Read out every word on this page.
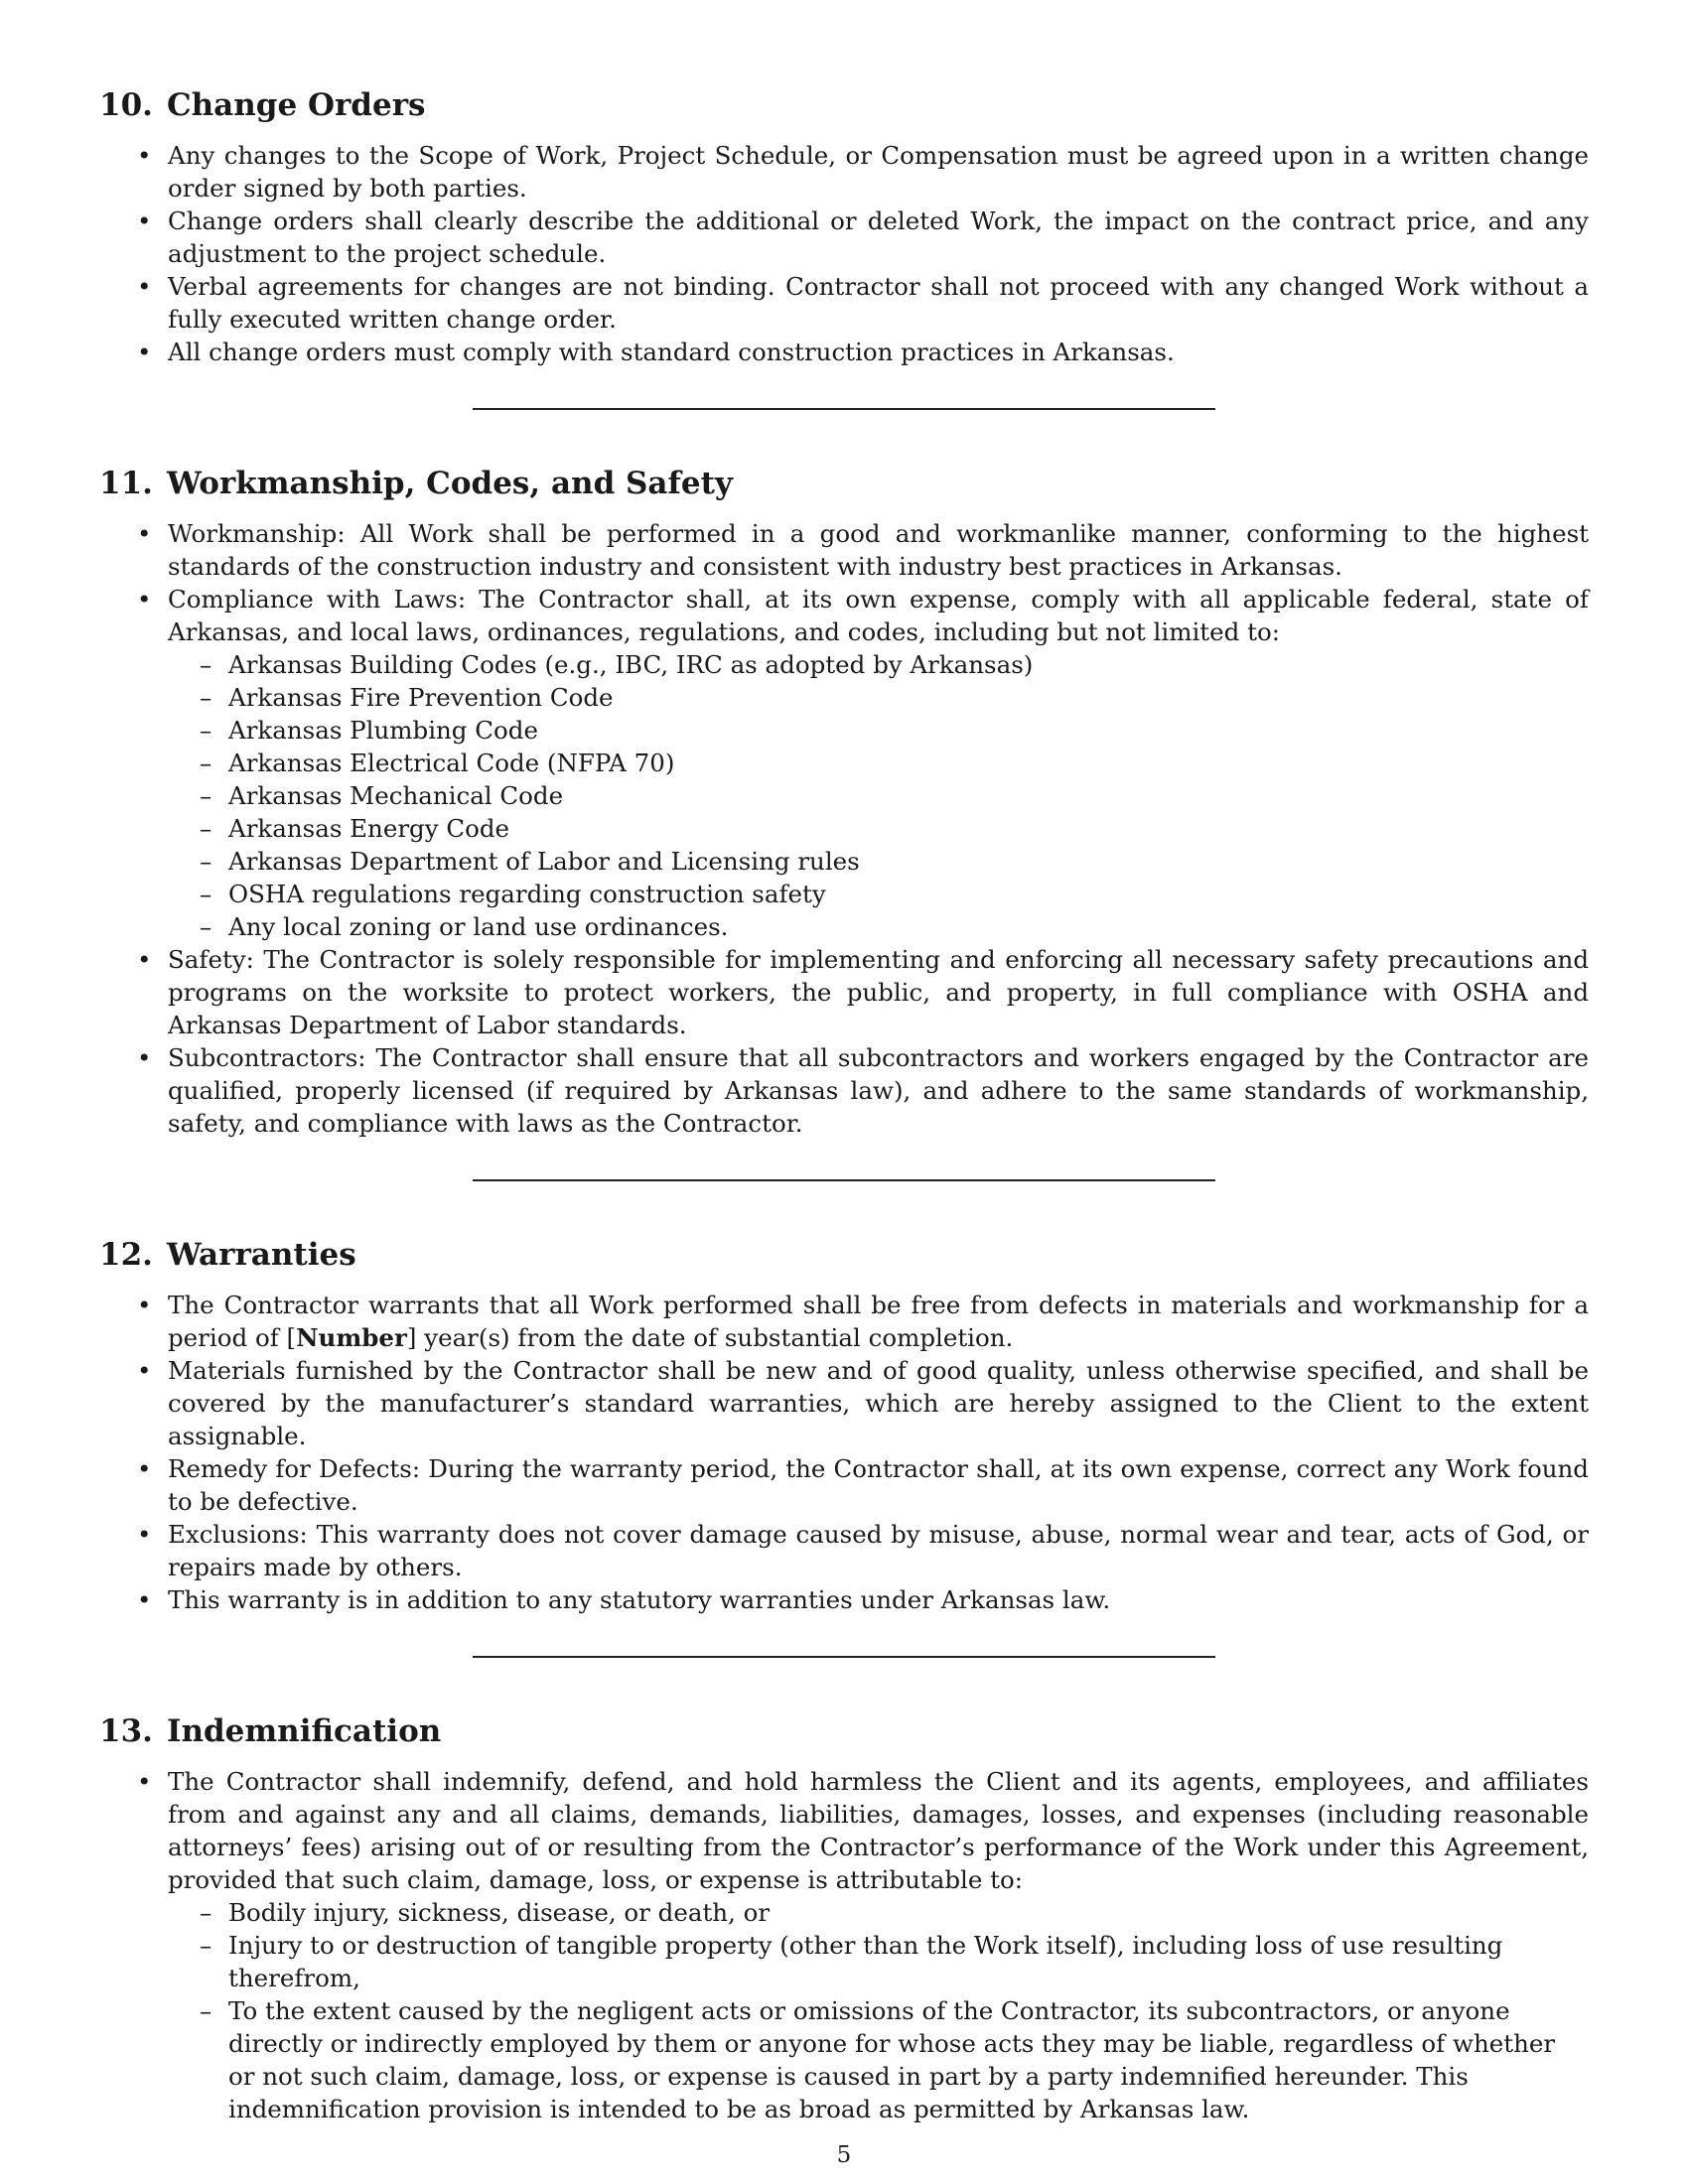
10. Change Orders
• Any changes to the Scope of Work, Project Schedule, or Compensation must be agreed upon in a written change order signed by both parties.
• Change orders shall clearly describe the additional or deleted Work, the impact on the contract price, and any adjustment to the project schedule.
• Verbal agreements for changes are not binding. Contractor shall not proceed with any changed Work without a fully executed written change order.
• All change orders must comply with standard construction practices in Arkansas.
11. Workmanship, Codes, and Safety
• Workmanship: All Work shall be performed in a good and workmanlike manner, conforming to the highest standards of the construction industry and consistent with industry best practices in Arkansas.
• Compliance with Laws: The Contractor shall, at its own expense, comply with all applicable federal, state of Arkansas, and local laws, ordinances, regulations, and codes, including but not limited to:
– Arkansas Building Codes (e.g., IBC, IRC as adopted by Arkansas)
– Arkansas Fire Prevention Code
– Arkansas Plumbing Code
– Arkansas Electrical Code (NFPA 70)
– Arkansas Mechanical Code
– Arkansas Energy Code
– Arkansas Department of Labor and Licensing rules
– OSHA regulations regarding construction safety
– Any local zoning or land use ordinances.
• Safety: The Contractor is solely responsible for implementing and enforcing all necessary safety precautions and programs on the worksite to protect workers, the public, and property, in full compliance with OSHA and Arkansas Department of Labor standards.
• Subcontractors: The Contractor shall ensure that all subcontractors and workers engaged by the Contractor are qualified, properly licensed (if required by Arkansas law), and adhere to the same standards of workmanship, safety, and compliance with laws as the Contractor.
12. Warranties
• The Contractor warrants that all Work performed shall be free from defects in materials and workmanship for a period of [Number] year(s) from the date of substantial completion.
• Materials furnished by the Contractor shall be new and of good quality, unless otherwise specified, and shall be covered by the manufacturer’s standard warranties, which are hereby assigned to the Client to the extent assignable.
• Remedy for Defects: During the warranty period, the Contractor shall, at its own expense, correct any Work found to be defective.
• Exclusions: This warranty does not cover damage caused by misuse, abuse, normal wear and tear, acts of God, or repairs made by others.
• This warranty is in addition to any statutory warranties under Arkansas law.
13. Indemnification
• The Contractor shall indemnify, defend, and hold harmless the Client and its agents, employees, and affiliates from and against any and all claims, demands, liabilities, damages, losses, and expenses (including reasonable attorneys’ fees) arising out of or resulting from the Contractor’s performance of the Work under this Agreement, provided that such claim, damage, loss, or expense is attributable to:
– Bodily injury, sickness, disease, or death, or
– Injury to or destruction of tangible property (other than the Work itself), including loss of use resulting therefrom,
– To the extent caused by the negligent acts or omissions of the Contractor, its subcontractors, or anyone directly or indirectly employed by them or anyone for whose acts they may be liable, regardless of whether or not such claim, damage, loss, or expense is caused in part by a party indemnified hereunder. This indemnification provision is intended to be as broad as permitted by Arkansas law.
5
